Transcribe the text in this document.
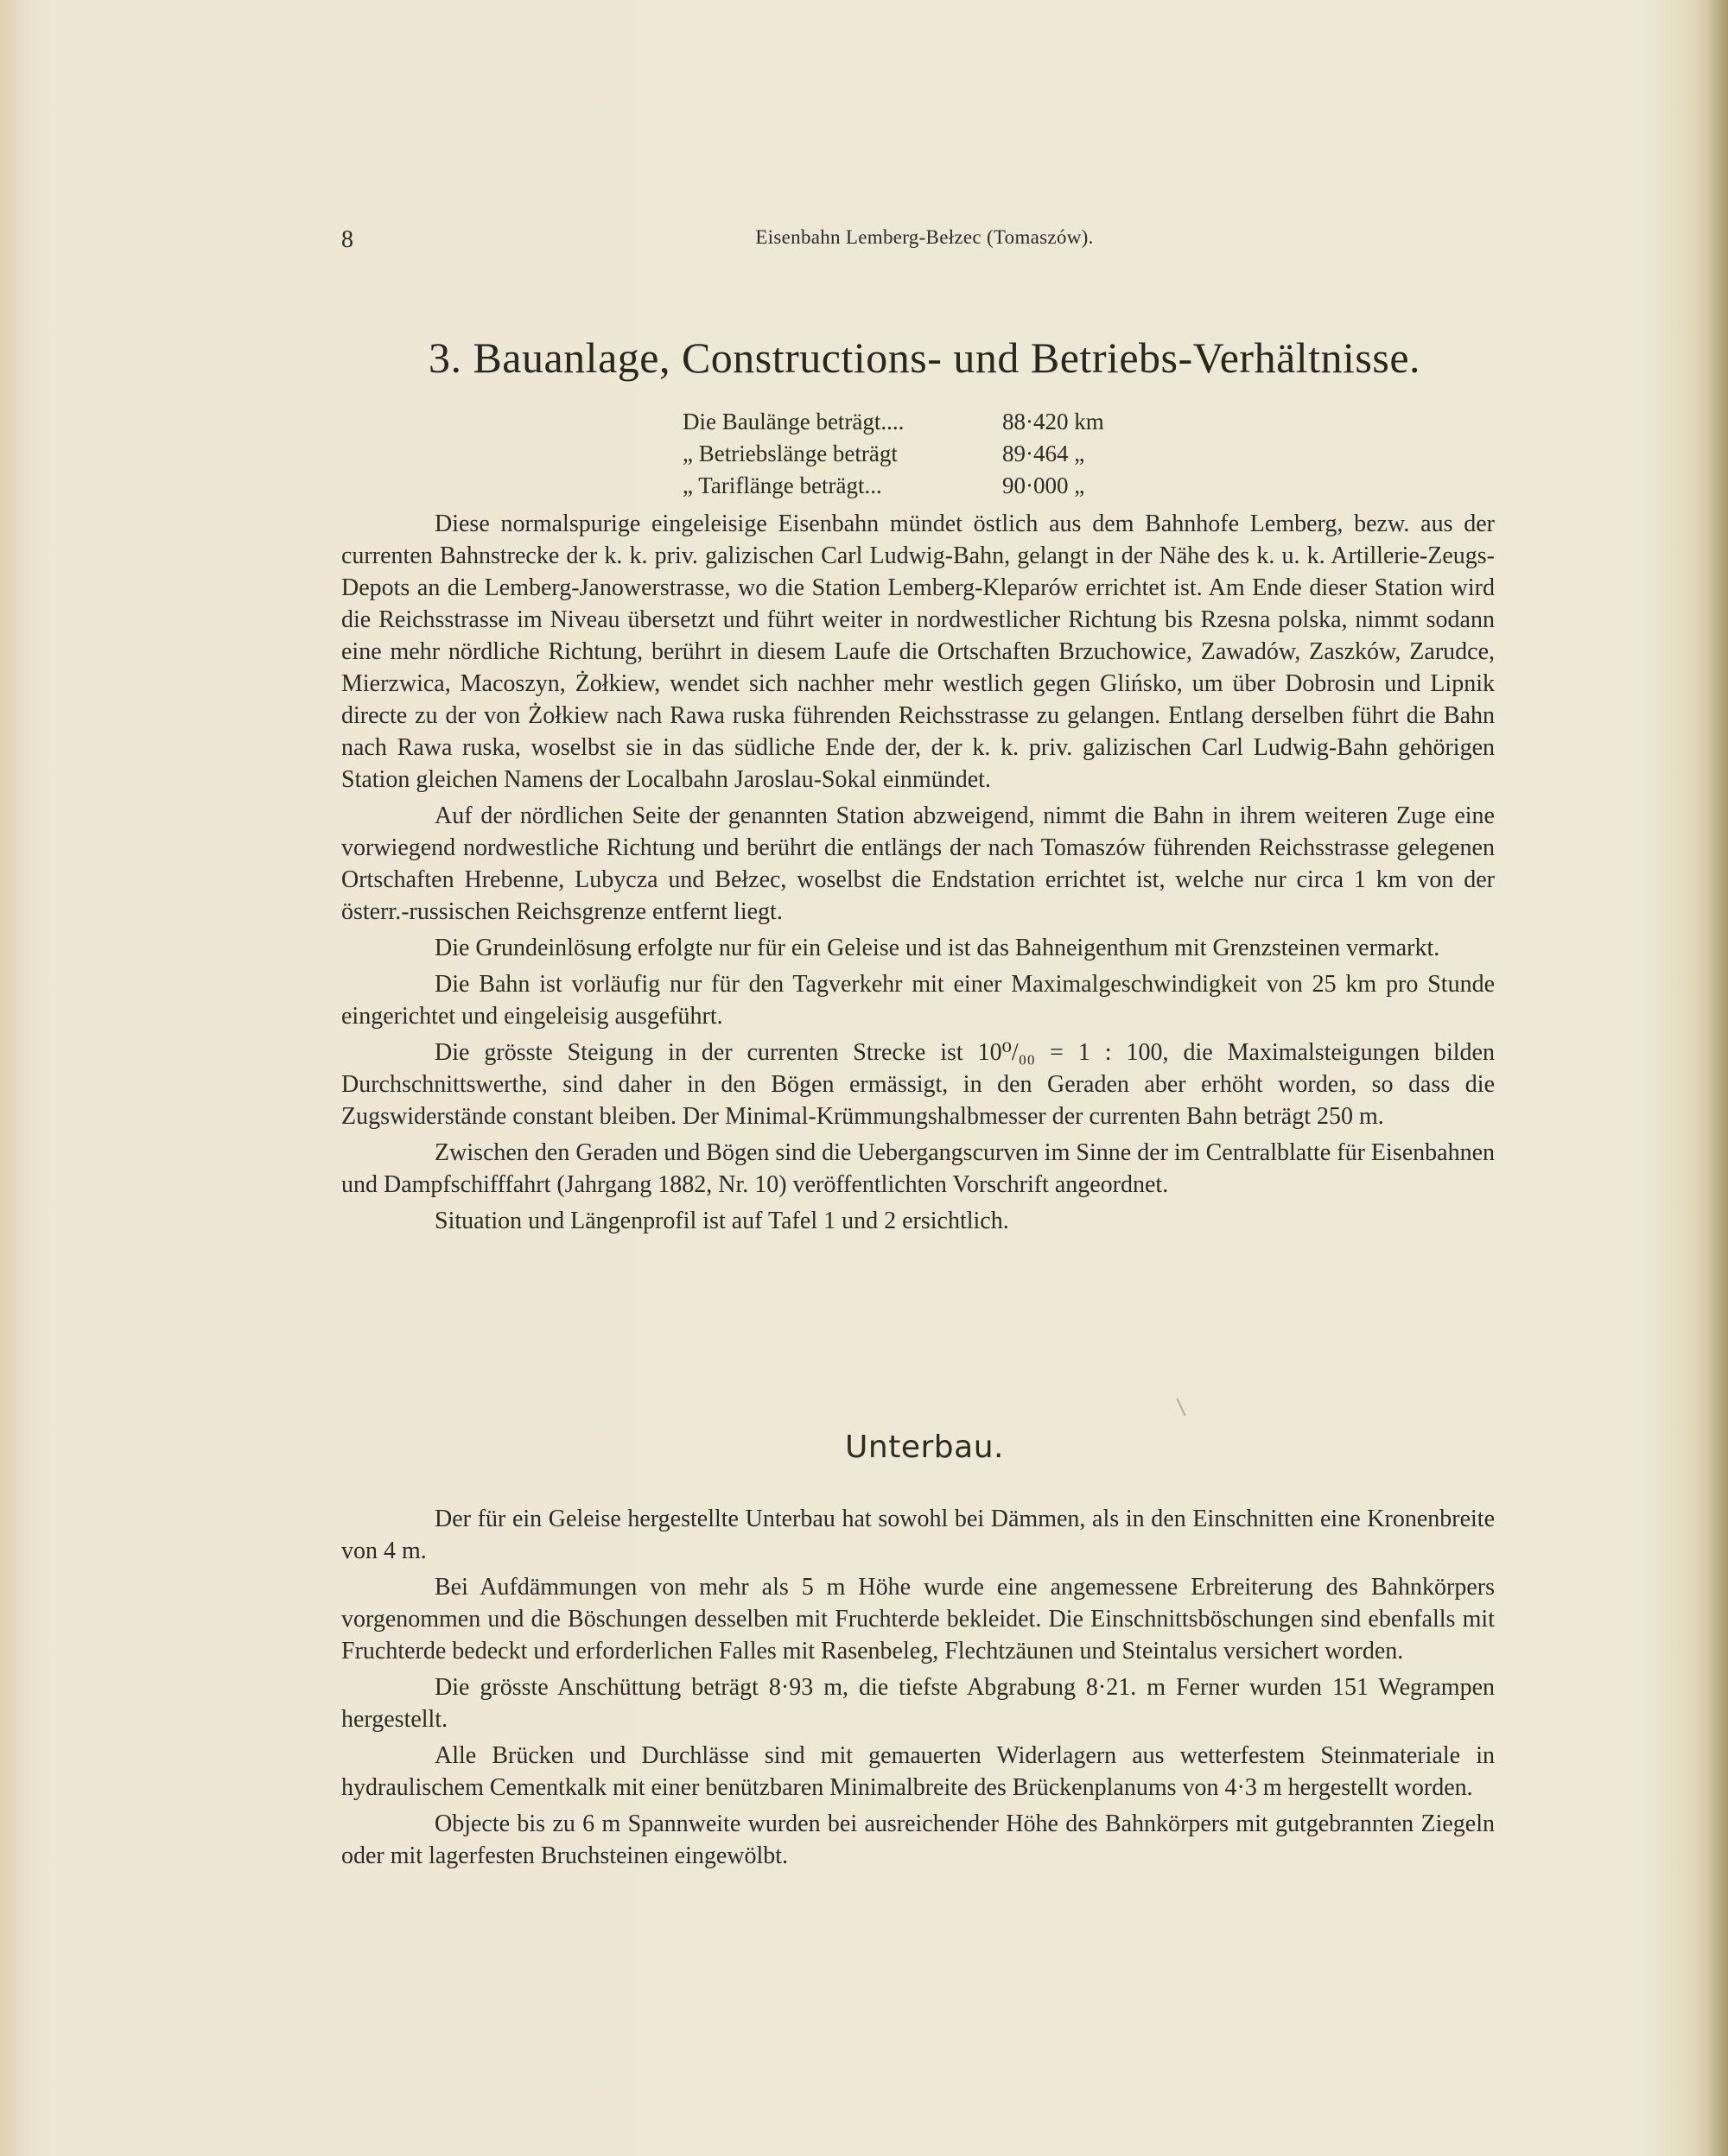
8	Eisenbahn Lemberg-Bełzec (Tomaszów).
3. Bauanlage, Constructions- und Betriebs-Verhältnisse.
Die Baulänge beträgt....	88·420 km
„ Betriebslänge beträgt	89·464 „
„ Tariflänge beträgt...	90·000 „

Diese normalspurige eingeleisige Eisenbahn mündet östlich aus dem Bahnhofe Lemberg, bezw. aus der currenten Bahnstrecke der k. k. priv. galizischen Carl Ludwig-Bahn, gelangt in der Nähe des k. u. k. Artillerie-Zeugs-Depots an die Lemberg-Janowerstrasse, wo die Station Lemberg-Kleparów errichtet ist. Am Ende dieser Station wird die Reichsstrasse im Niveau übersetzt und führt weiter in nordwestlicher Richtung bis Rzesna polska, nimmt sodann eine mehr nördliche Richtung, berührt in diesem Laufe die Ortschaften Brzuchowice, Zawadów, Zaszków, Zarudce, Mierzwica, Macoszyn, Żołkiew, wendet sich nachher mehr westlich gegen Glińsko, um über Dobrosin und Lipnik directe zu der von Żołkiew nach Rawa ruska führenden Reichsstrasse zu gelangen. Entlang derselben führt die Bahn nach Rawa ruska, woselbst sie in das südliche Ende der, der k. k. priv. galizischen Carl Ludwig-Bahn gehörigen Station gleichen Namens der Localbahn Jaroslau-Sokal einmündet.

Auf der nördlichen Seite der genannten Station abzweigend, nimmt die Bahn in ihrem weiteren Zuge eine vorwiegend nordwestliche Richtung und berührt die entlängs der nach Tomaszów führenden Reichsstrasse gelegenen Ortschaften Hrebenne, Lubycza und Bełzec, woselbst die Endstation errichtet ist, welche nur circa 1 km von der österr.-russischen Reichsgrenze entfernt liegt.

Die Grundeinlösung erfolgte nur für ein Geleise und ist das Bahneigenthum mit Grenzsteinen vermarkt.

Die Bahn ist vorläufig nur für den Tagverkehr mit einer Maximalgeschwindigkeit von 25 km pro Stunde eingerichtet und eingeleisig ausgeführt.

Die grösste Steigung in der currenten Strecke ist 10⁰/₀₀ = 1 : 100, die Maximalsteigungen bilden Durchschnittswerthe, sind daher in den Bögen ermässigt, in den Geraden aber erhöht worden, so dass die Zugswiderstände constant bleiben. Der Minimal-Krümmungshalbmesser der currenten Bahn beträgt 250 m.

Zwischen den Geraden und Bögen sind die Uebergangscurven im Sinne der im Centralblatte für Eisenbahnen und Dampfschifffahrt (Jahrgang 1882, Nr. 10) veröffentlichten Vorschrift angeordnet.

Situation und Längenprofil ist auf Tafel 1 und 2 ersichtlich.

Unterbau.

Der für ein Geleise hergestellte Unterbau hat sowohl bei Dämmen, als in den Einschnitten eine Kronenbreite von 4 m.

Bei Aufdämmungen von mehr als 5 m Höhe wurde eine angemessene Erbreiterung des Bahnkörpers vorgenommen und die Böschungen desselben mit Fruchterde bekleidet. Die Einschnittsböschungen sind ebenfalls mit Fruchterde bedeckt und erforderlichen Falles mit Rasenbeleg, Flechtzäunen und Steintalus versichert worden.

Die grösste Anschüttung beträgt 8·93 m, die tiefste Abgrabung 8·21. m Ferner wurden 151 Wegrampen hergestellt.

Alle Brücken und Durchlässe sind mit gemauerten Widerlagern aus wetterfestem Steinmateriale in hydraulischem Cementkalk mit einer benützbaren Minimalbreite des Brückenplanums von 4·3 m hergestellt worden.

Objecte bis zu 6 m Spannweite wurden bei ausreichender Höhe des Bahnkörpers mit gutgebrannten Ziegeln oder mit lagerfesten Bruchsteinen eingewölbt.
